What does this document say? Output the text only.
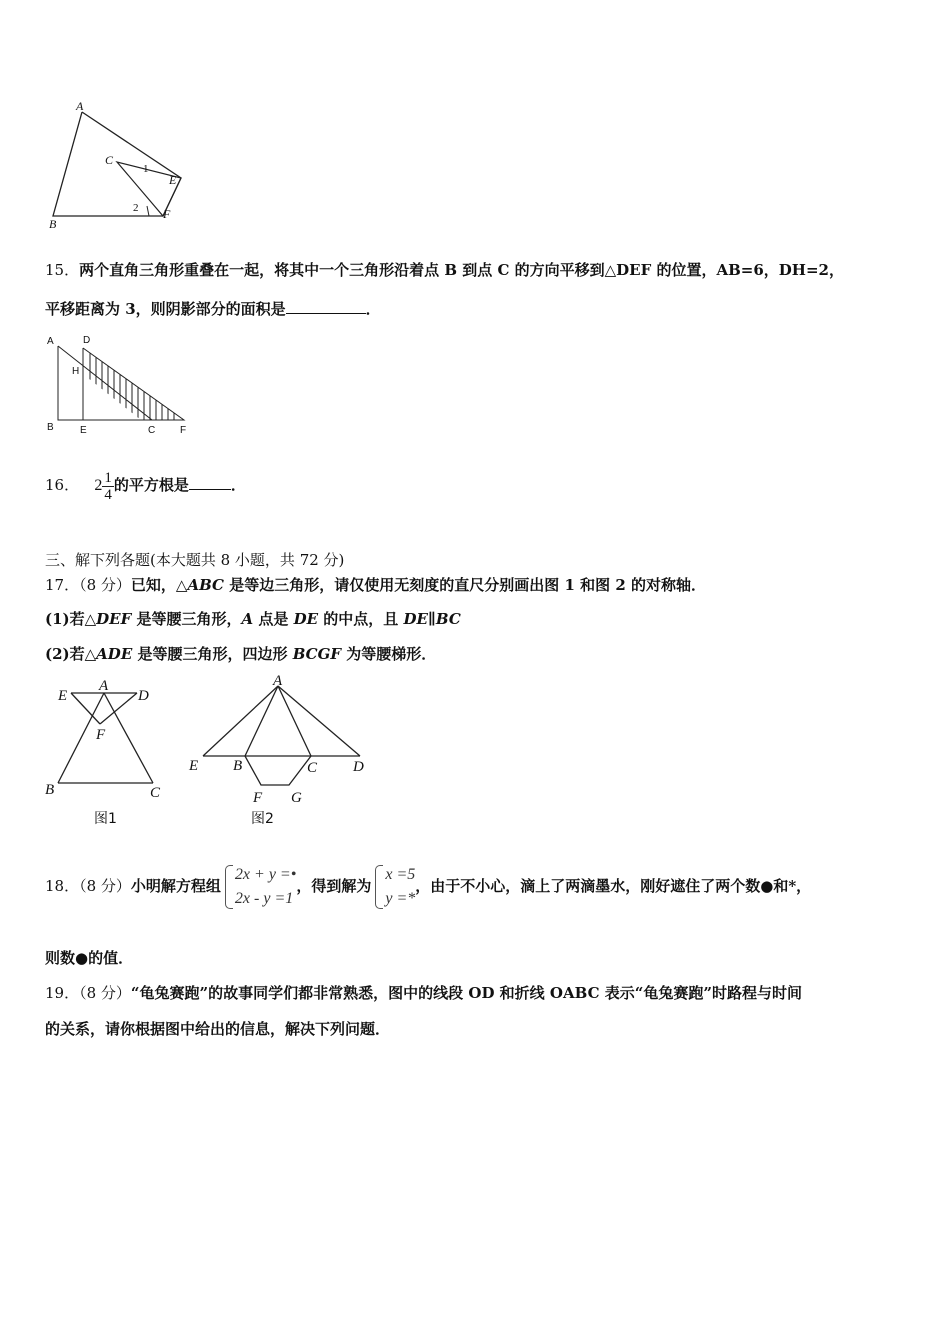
A
B
C
E
F
1
2
15．两个直角三角形重叠在一起，将其中一个三角形沿着点 B 到点 C 的方向平移到△DEF 的位置，AB=6，DH=2，
平移距离为 3，则阴影部分的面积是	．
A	D
H
B	E	C F
16． $2 \frac{1}{4}$ 的平方根是	．
三、解下列各题(本大题共 8 小题，共 72 分)
17．（8 分）已知，△ABC 是等边三角形，请仅使用无刻度的直尺分别画出图 1 和图 2 的对称轴．
(1)若△DEF 是等腰三角形，A 点是 DE 的中点，且 DE∥BC
(2)若△ADE 是等腰三角形，四边形 BCGF 为等腰梯形．
E
A
D
F
B	C
图1
A
E B	C D
F G
图2
18．（8 分）小明解方程组
2x + y =•
2x - y =1
，得到解为
x =5
y =*
，由于不小心，滴上了两滴墨水，刚好遮住了两个数●和*，
则数●的值．
19．（8 分）“龟兔赛跑”的故事同学们都非常熟悉，图中的线段 OD 和折线 OABC 表示“龟兔赛跑”时路程与时间
的关系，请你根据图中给出的信息，解决下列问题．
